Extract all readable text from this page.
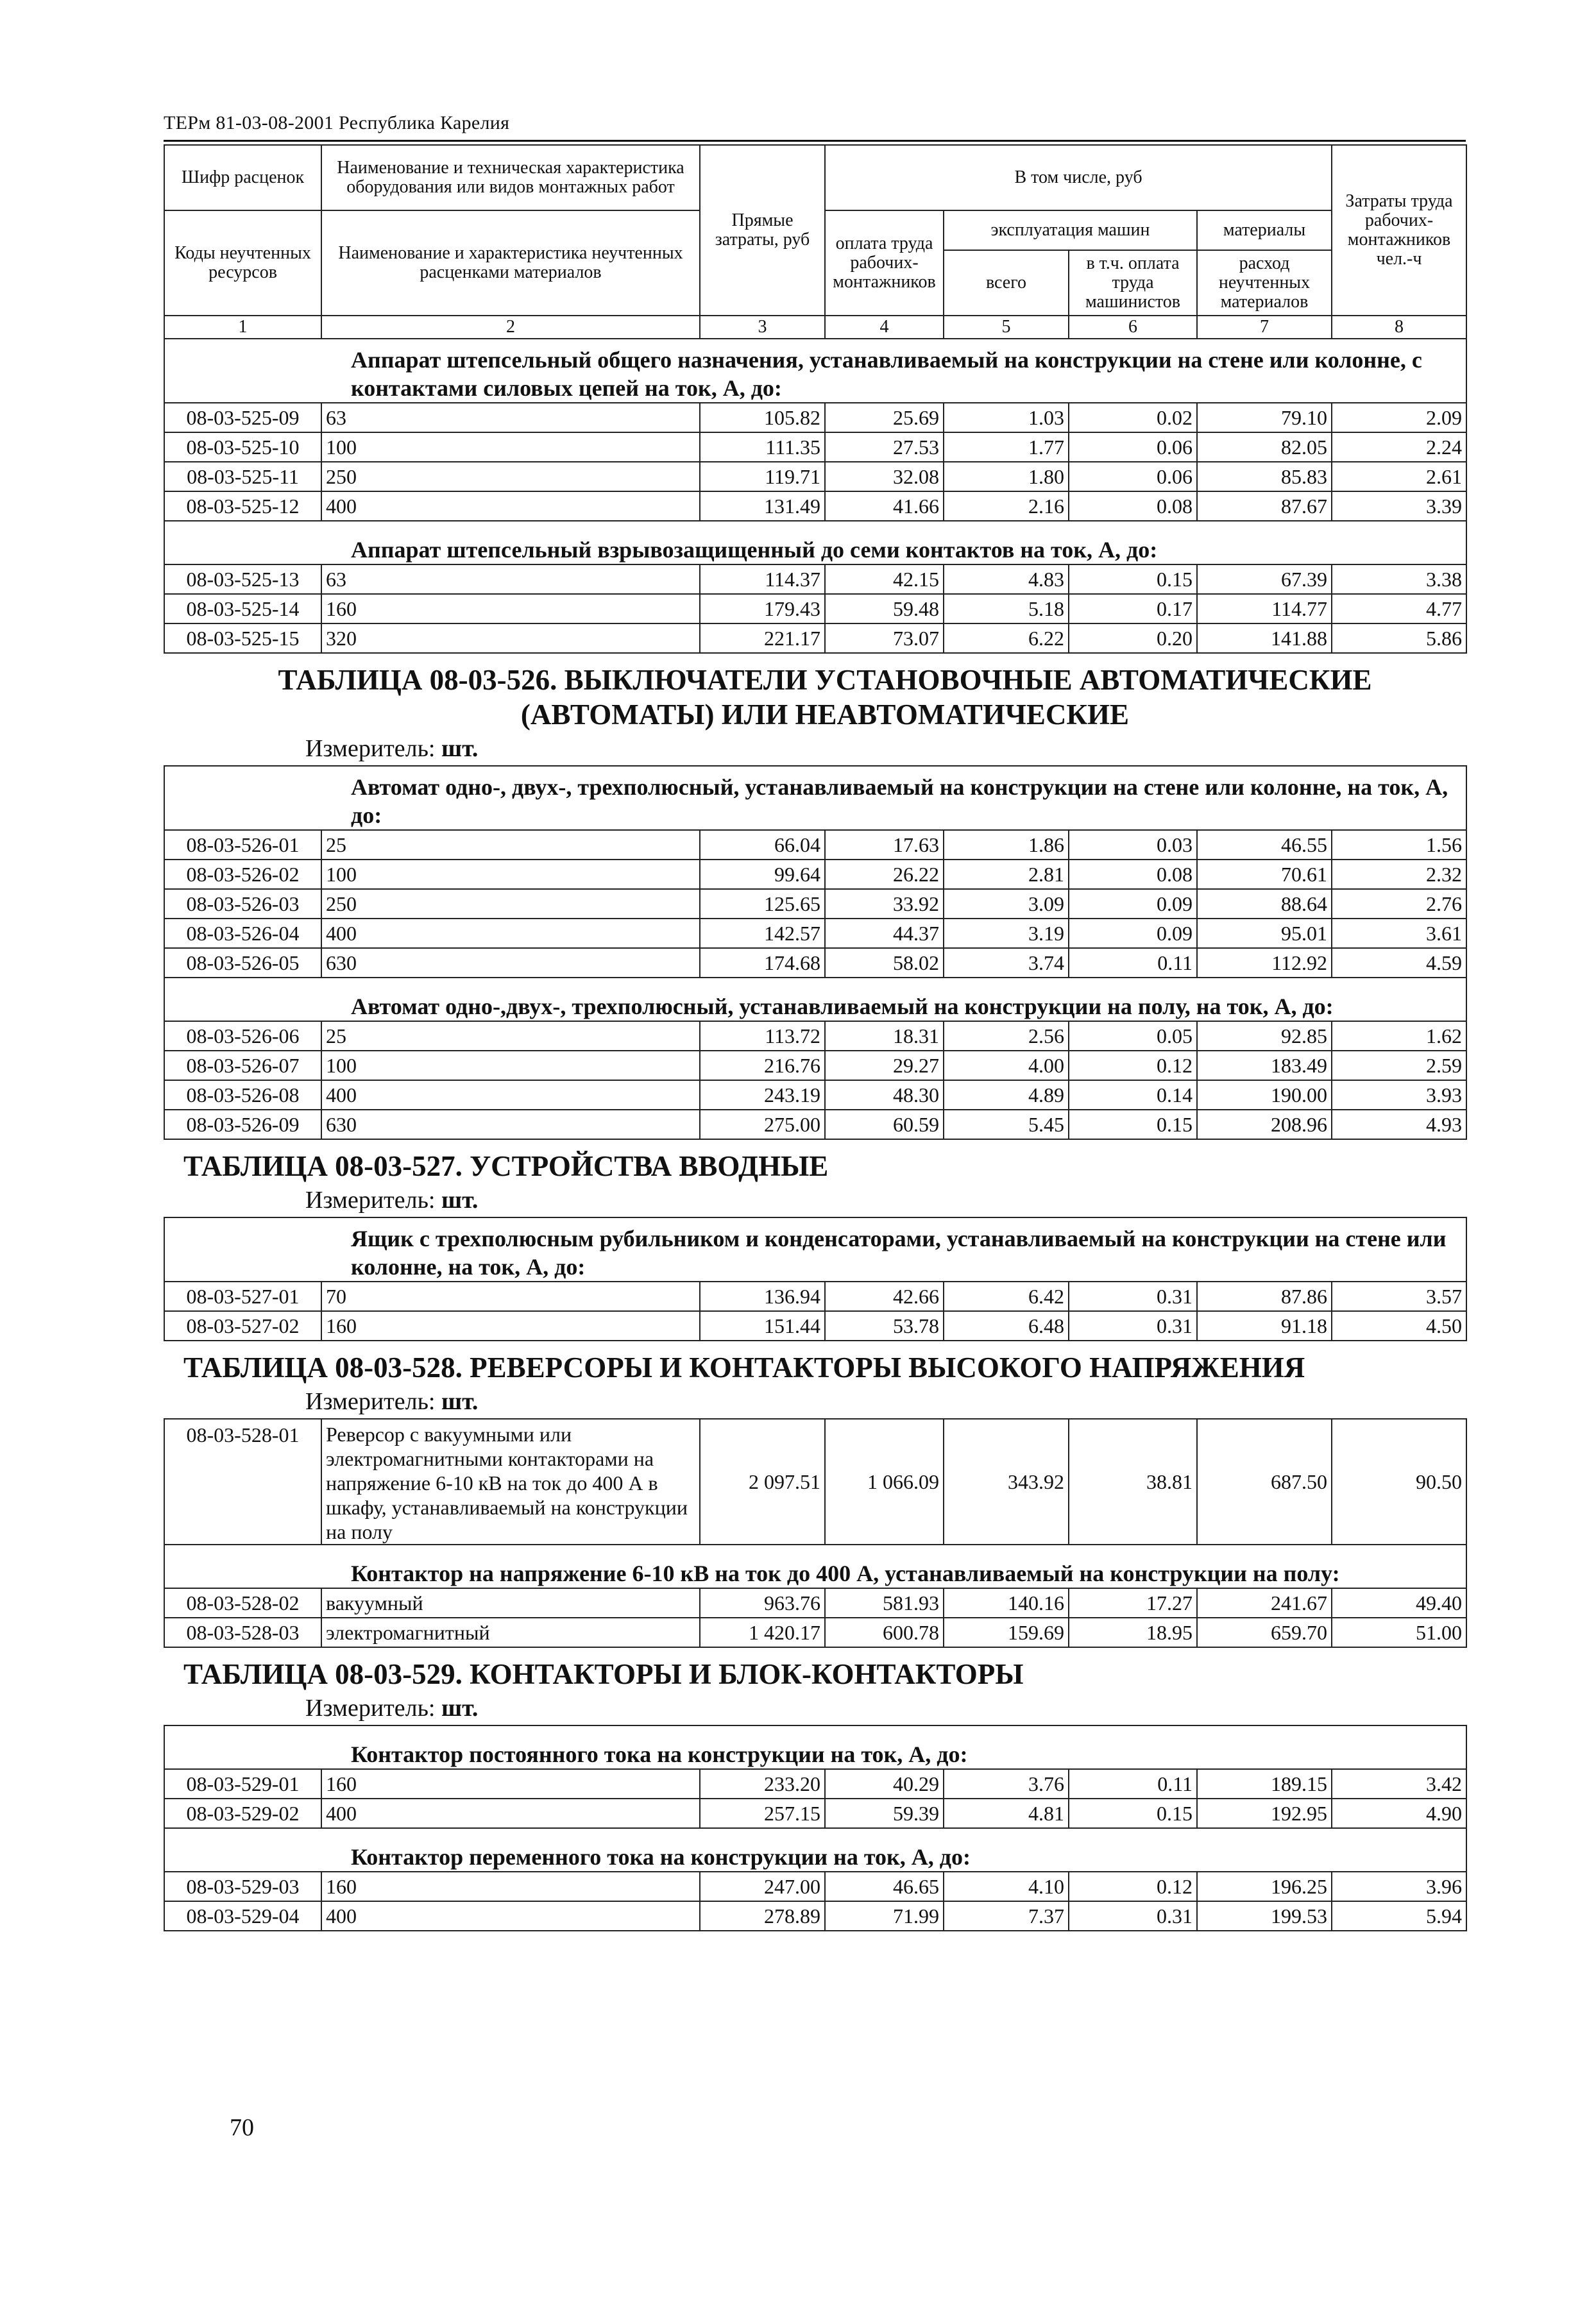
ТЕРм 81-03-08-2001 Республика Карелия
Шифр расценок	Наименование и техническая характеристика оборудования или видов монтажных работ	Прямые затраты, руб	В том числе, руб				Затраты труда рабочих-монтажников чел.-ч
Коды неучтенных ресурсов	Наименование и характеристика неучтенных расценками материалов		оплата труда рабочих-монтажников	эксплуатация машин		материалы	
				всего	в т.ч. оплата труда машинистов	расход неучтенных материалов	
1	2	3	4	5	6	7	8
Аппарат штепсельный общего назначения, устанавливаемый на конструкции на стене или колонне, с контактами силовых цепей на ток, А, до:							
08-03-525-09	63	105.82	25.69	1.03	0.02	79.10	2.09
08-03-525-10	100	111.35	27.53	1.77	0.06	82.05	2.24
08-03-525-11	250	119.71	32.08	1.80	0.06	85.83	2.61
08-03-525-12	400	131.49	41.66	2.16	0.08	87.67	3.39
Аппарат штепсельный взрывозащищенный до семи контактов на ток, А, до:							
08-03-525-13	63	114.37	42.15	4.83	0.15	67.39	3.38
08-03-525-14	160	179.43	59.48	5.18	0.17	114.77	4.77
08-03-525-15	320	221.17	73.07	6.22	0.20	141.88	5.86

ТАБЛИЦА 08-03-526. ВЫКЛЮЧАТЕЛИ УСТАНОВОЧНЫЕ АВТОМАТИЧЕСКИЕ (АВТОМАТЫ) ИЛИ НЕАВТОМАТИЧЕСКИЕ
Измеритель: шт.							

Автомат одно-, двух-, трехполюсный, устанавливаемый на конструкции на стене или колонне, на ток, А, до:							
08-03-526-01	25	66.04	17.63	1.86	0.03	46.55	1.56
08-03-526-02	100	99.64	26.22	2.81	0.08	70.61	2.32
08-03-526-03	250	125.65	33.92	3.09	0.09	88.64	2.76
08-03-526-04	400	142.57	44.37	3.19	0.09	95.01	3.61
08-03-526-05	630	174.68	58.02	3.74	0.11	112.92	4.59
Автомат одно-,двух-, трехполюсный, устанавливаемый на конструкции на полу, на ток, А, до:							
08-03-526-06	25	113.72	18.31	2.56	0.05	92.85	1.62
08-03-526-07	100	216.76	29.27	4.00	0.12	183.49	2.59
08-03-526-08	400	243.19	48.30	4.89	0.14	190.00	3.93
08-03-526-09	630	275.00	60.59	5.45	0.15	208.96	4.93

ТАБЛИЦА 08-03-527. УСТРОЙСТВА ВВОДНЫЕ
Измеритель: шт.							

Ящик с трехполюсным рубильником и конденсаторами, устанавливаемый на конструкции на стене или колонне, на ток, А, до:							
08-03-527-01	70	136.94	42.66	6.42	0.31	87.86	3.57
08-03-527-02	160	151.44	53.78	6.48	0.31	91.18	4.50

ТАБЛИЦА 08-03-528. РЕВЕРСОРЫ И КОНТАКТОРЫ ВЫСОКОГО НАПРЯЖЕНИЯ
Измеритель: шт.							

08-03-528-01	Реверсор с вакуумными или электромагнитными контакторами на напряжение 6-10 кВ на ток до 400 А в шкафу, устанавливаемый на конструкции на полу	2 097.51	1 066.09	343.92	38.81	687.50	90.50
Контактор на напряжение 6-10 кВ на ток до 400 А, устанавливаемый на конструкции на полу:							
08-03-528-02	вакуумный	963.76	581.93	140.16	17.27	241.67	49.40
08-03-528-03	электромагнитный	1 420.17	600.78	159.69	18.95	659.70	51.00

ТАБЛИЦА 08-03-529. КОНТАКТОРЫ И БЛОК-КОНТАКТОРЫ
Измеритель: шт.							

Контактор постоянного тока на конструкции на ток, А, до:							
08-03-529-01	160	233.20	40.29	3.76	0.11	189.15	3.42
08-03-529-02	400	257.15	59.39	4.81	0.15	192.95	4.90
Контактор переменного тока на конструкции на ток, А, до:							
08-03-529-03	160	247.00	46.65	4.10	0.12	196.25	3.96
08-03-529-04	400	278.89	71.99	7.37	0.31	199.53	5.94
70
